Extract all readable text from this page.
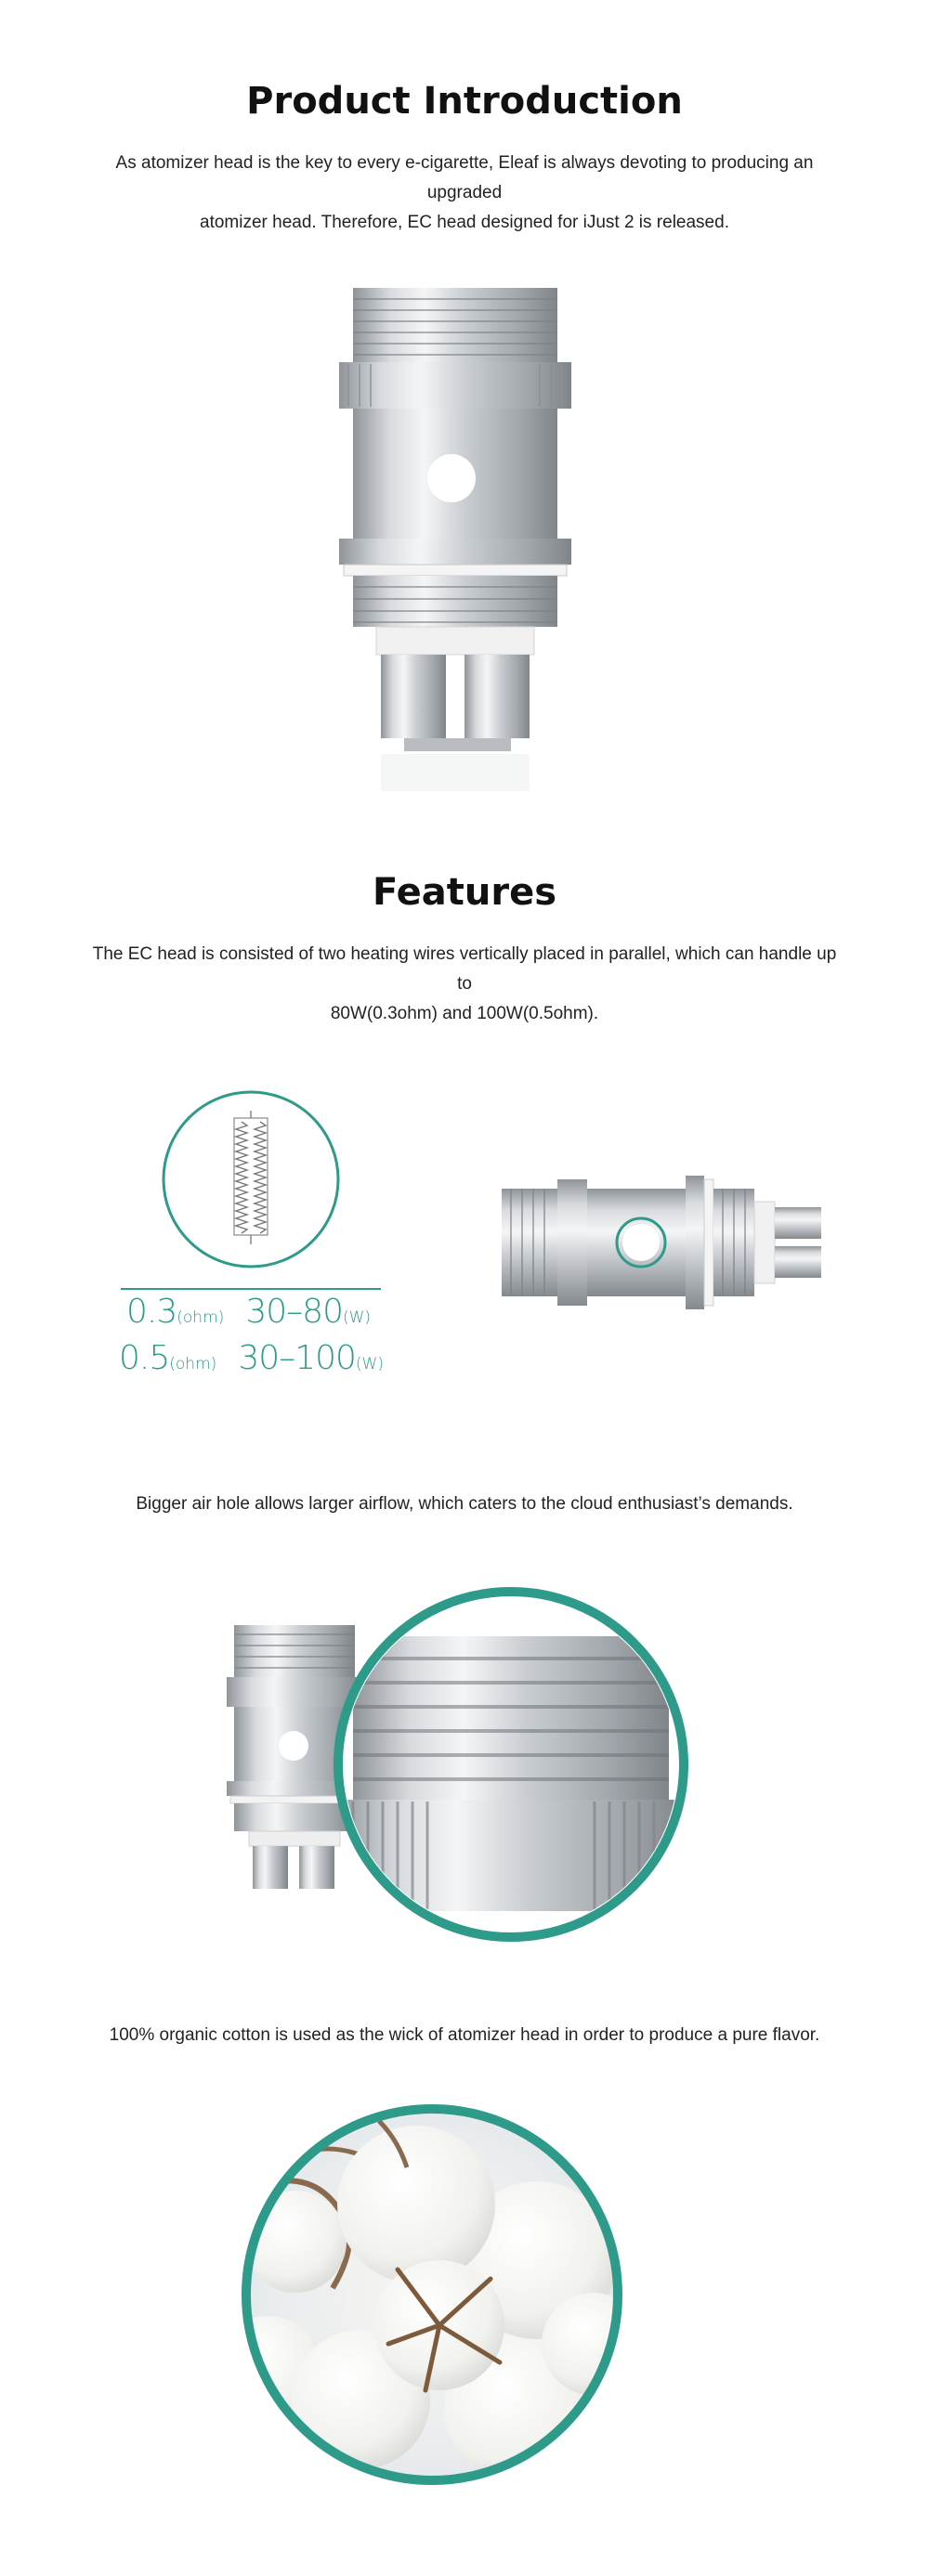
Product Introduction
As atomizer head is the key to every e-cigarette, Eleaf is always devoting to producing an upgraded
atomizer head. Therefore, EC head designed for iJust 2 is released.
Features
The EC head is consisted of two heating wires vertically placed in parallel, which can handle up to
80W(0.3ohm) and 100W(0.5ohm).
0.3(ohm) 30–80(W)
0.5(ohm) 30–100(W)
Bigger air hole allows larger airflow, which caters to the cloud enthusiast’s demands.
100% organic cotton is used as the wick of atomizer head in order to produce a pure flavor.
